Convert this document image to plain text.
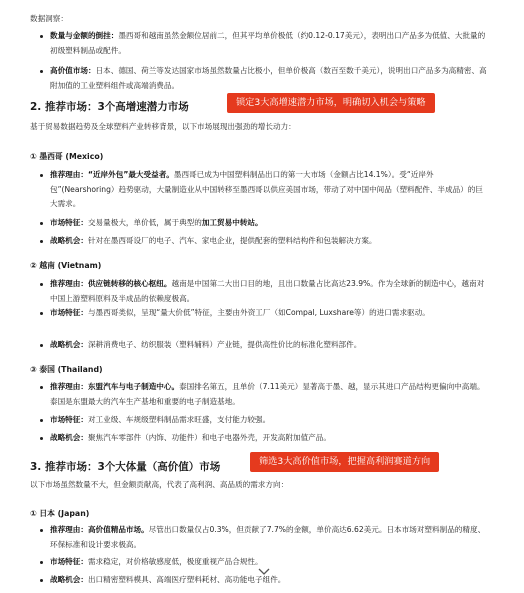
数据洞察：

数量与金额的倒挂：墨西哥和越南虽然金额位居前二，但其平均单价极低（约0.12-0.17美元），表明出口产品多为低值、大批量的初级塑料制品或配件。
高价值市场：日本、德国、荷兰等发达国家市场虽然数量占比极小，但单价极高（数百至数千美元），说明出口产品多为高精密、高附加值的工业塑料组件或高端消费品。
2. 推荐市场：3个高增速潜力市场	锁定3大高增速潜力市场，明确切入机会与策略

基于贸易数据趋势及全球塑料产业转移背景，以下市场展现出强劲的增长动力：

① 墨西哥 (Mexico)

推荐理由：“近岸外包”最大受益者。墨西哥已成为中国塑料制品出口的第一大市场（金额占比14.1%）。受“近岸外包”(Nearshoring）趋势驱动，大量制造业从中国转移至墨西哥以供应美国市场，带动了对中国中间品（塑料配件、半成品）的巨大需求。
市场特征：交易量极大，单价低，属于典型的加工贸易中转站。
战略机会：针对在墨西哥设厂的电子、汽车、家电企业，提供配套的塑料结构件和包装解决方案。

② 越南 (Vietnam)

推荐理由：供应链转移的核心枢纽。越南是中国第二大出口目的地，且出口数量占比高达23.9%。作为全球新的制造中心，越南对中国上游塑料原料及半成品的依赖度极高。
市场特征：与墨西哥类似，呈现“量大价低”特征，主要由外资工厂（如Compal, Luxshare等）的进口需求驱动。
战略机会：深耕消费电子、纺织服装（塑料辅料）产业链，提供高性价比的标准化塑料部件。

③ 泰国 (Thailand)

推荐理由：东盟汽车与电子制造中心。泰国排名第五，且单价（7.11美元）显著高于墨、越，显示其进口产品结构更偏向中高端。泰国是东盟最大的汽车生产基地和重要的电子制造基地。
市场特征：对工业级、车规级塑料制品需求旺盛，支付能力较强。
战略机会：聚焦汽车零部件（内饰、功能件）和电子电器外壳，开发高附加值产品。
3. 推荐市场：3个大体量（高价值）市场	筛选3大高价值市场，把握高利润赛道方向

以下市场虽然数量不大，但金额贡献高，代表了高利润、高品质的需求方向：

① 日本 (Japan)

推荐理由：高价值精品市场。尽管出口数量仅占0.3%，但贡献了7.7%的金额，单价高达6.62美元。日本市场对塑料制品的精度、环保标准和设计要求极高。
市场特征：需求稳定，对价格敏感度低，极度重视产品合规性。
战略机会：出口精密塑料模具、高端医疗塑料耗材、高功能电子组件。
